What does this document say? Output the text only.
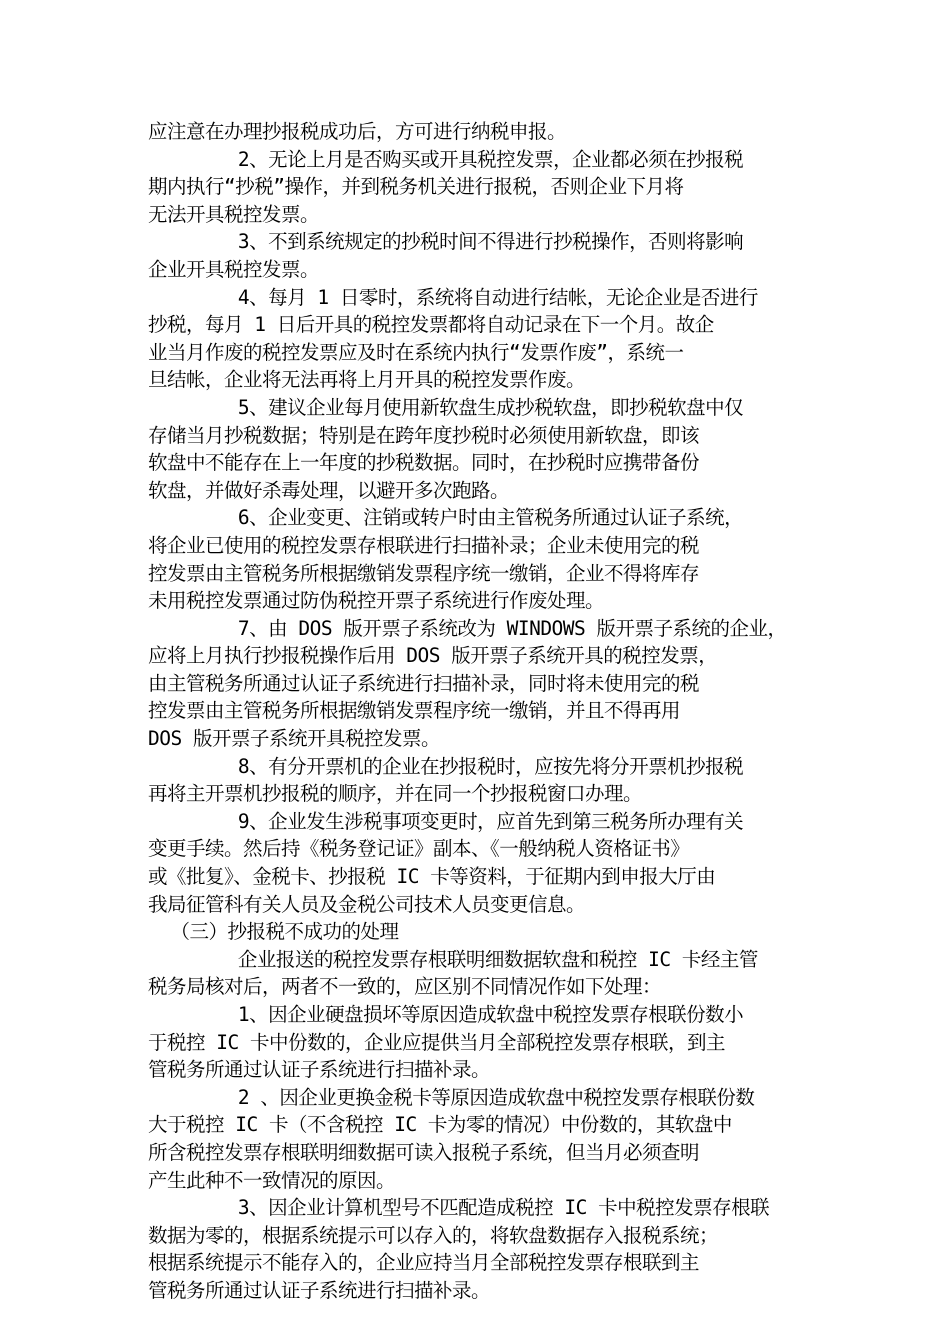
应注意在办理抄报税成功后，方可进行纳税申报。
2、无论上月是否购买或开具税控发票，企业都必须在抄报税
期内执行“抄税”操作，并到税务机关进行报税，否则企业下月将
无法开具税控发票。
3、不到系统规定的抄税时间不得进行抄税操作，否则将影响
企业开具税控发票。
4、每月 1 日零时，系统将自动进行结帐，无论企业是否进行
抄税，每月 1 日后开具的税控发票都将自动记录在下一个月。故企
业当月作废的税控发票应及时在系统内执行“发票作废”，系统一
旦结帐，企业将无法再将上月开具的税控发票作废。
5、建议企业每月使用新软盘生成抄税软盘，即抄税软盘中仅
存储当月抄税数据；特别是在跨年度抄税时必须使用新软盘，即该
软盘中不能存在上一年度的抄税数据。同时，在抄税时应携带备份
软盘，并做好杀毒处理，以避开多次跑路。
6、企业变更、注销或转户时由主管税务所通过认证子系统，
将企业已使用的税控发票存根联进行扫描补录；企业未使用完的税
控发票由主管税务所根据缴销发票程序统一缴销，企业不得将库存
未用税控发票通过防伪税控开票子系统进行作废处理。
7、由 DOS 版开票子系统改为 WINDOWS 版开票子系统的企业，
应将上月执行抄报税操作后用 DOS 版开票子系统开具的税控发票，
由主管税务所通过认证子系统进行扫描补录，同时将未使用完的税
控发票由主管税务所根据缴销发票程序统一缴销，并且不得再用
DOS 版开票子系统开具税控发票。
8、有分开票机的企业在抄报税时，应按先将分开票机抄报税
再将主开票机抄报税的顺序，并在同一个抄报税窗口办理。
9、企业发生涉税事项变更时，应首先到第三税务所办理有关
变更手续。然后持《税务登记证》副本、《一般纳税人资格证书》
或《批复》、金税卡、抄报税 IC 卡等资料，于征期内到申报大厅由
我局征管科有关人员及金税公司技术人员变更信息。
（三）抄报税不成功的处理
企业报送的税控发票存根联明细数据软盘和税控 IC 卡经主管
税务局核对后，两者不一致的，应区别不同情况作如下处理：
1、因企业硬盘损坏等原因造成软盘中税控发票存根联份数小
于税控 IC 卡中份数的，企业应提供当月全部税控发票存根联，到主
管税务所通过认证子系统进行扫描补录。
2 、因企业更换金税卡等原因造成软盘中税控发票存根联份数
大于税控 IC 卡（不含税控 IC 卡为零的情况）中份数的，其软盘中
所含税控发票存根联明细数据可读入报税子系统，但当月必须查明
产生此种不一致情况的原因。
3、因企业计算机型号不匹配造成税控 IC 卡中税控发票存根联
数据为零的，根据系统提示可以存入的，将软盘数据存入报税系统；
根据系统提示不能存入的，企业应持当月全部税控发票存根联到主
管税务所通过认证子系统进行扫描补录。
